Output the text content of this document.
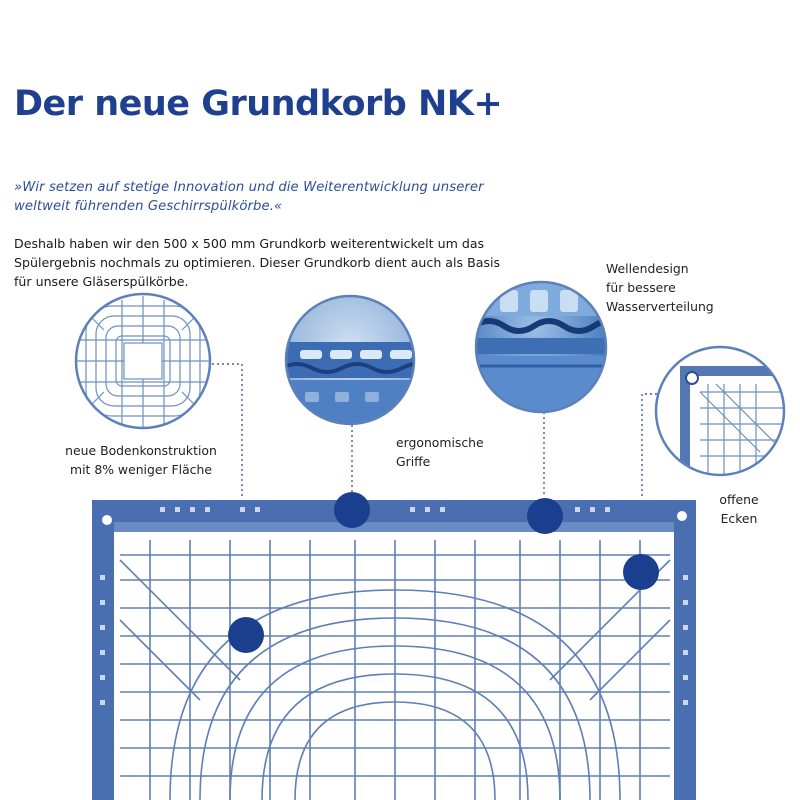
Der neue Grundkorb NK+
»Wir setzen auf stetige Innovation und die Weiterentwicklung unserer weltweit führenden Geschirrspülkörbe.«
Deshalb haben wir den 500 x 500 mm Grundkorb weiterentwickelt um das Spülergebnis nochmals zu optimieren. Dieser Grundkorb dient auch als Basis für unsere Gläserspülkörbe.
neue Bodenkonstruktion
mit 8% weniger Fläche
ergonomische
Griffe
Wellendesign
für bessere
Wasserverteilung
offene
Ecken
